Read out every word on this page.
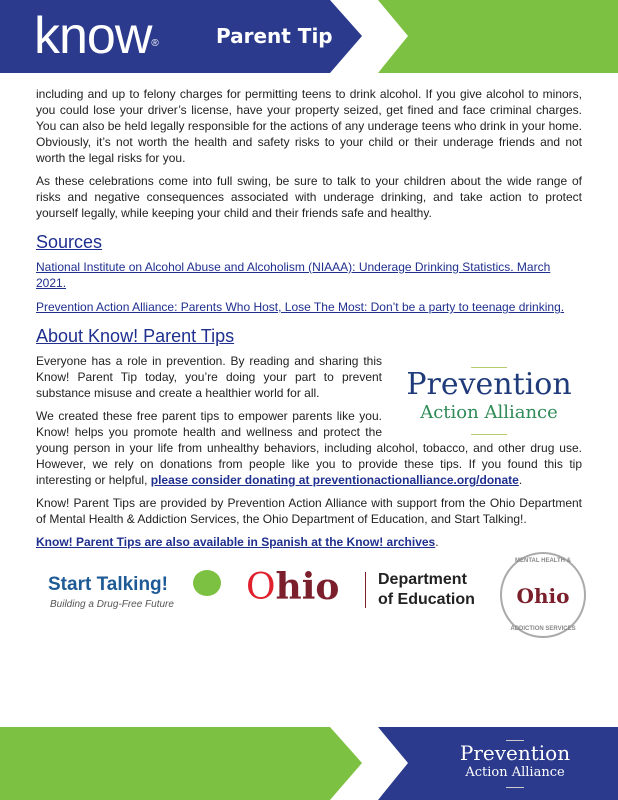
know®	Parent Tip

including and up to felony charges for permitting teens to drink alcohol. If you give alcohol to minors, you could lose your driver’s license, have your property seized, get fined and face criminal charges. You can also be held legally responsible for the actions of any underage teens who drink in your home. Obviously, it’s not worth the health and safety risks to your child or their underage friends and not worth the legal risks for you.

As these celebrations come into full swing, be sure to talk to your children about the wide range of risks and negative consequences associated with underage drinking, and take action to protect yourself legally, while keeping your child and their friends safe and healthy.

Sources
National Institute on Alcohol Abuse and Alcoholism (NIAAA): Underage Drinking Statistics. March 2021.
Prevention Action Alliance: Parents Who Host, Lose The Most: Don’t be a party to teenage drinking.
About Know! Parent Tips
Prevention
Action Alliance

Everyone has a role in prevention. By reading and sharing this Know! Parent Tip today, you’re doing your part to prevent substance misuse and create a healthier world for all.

We created these free parent tips to empower parents like you. Know! helps you promote health and wellness and protect the young person in your life from unhealthy behaviors, including alcohol, tobacco, and other drug use. However, we rely on donations from people like you to provide these tips. If you found this tip interesting or helpful, please consider donating at preventionactionalliance.org/donate.

Know! Parent Tips are provided by Prevention Action Alliance with support from the Ohio Department of Mental Health & Addiction Services, the Ohio Department of Education, and Start Talking!.

Know! Parent Tips are also available in Spanish at the Know! archives.

Start Talking!
Building a Drug-Free Future Ohio Department
of Education
MENTAL HEALTH &
Ohio
ADDICTION SERVICES
Prevention
Action Alliance
